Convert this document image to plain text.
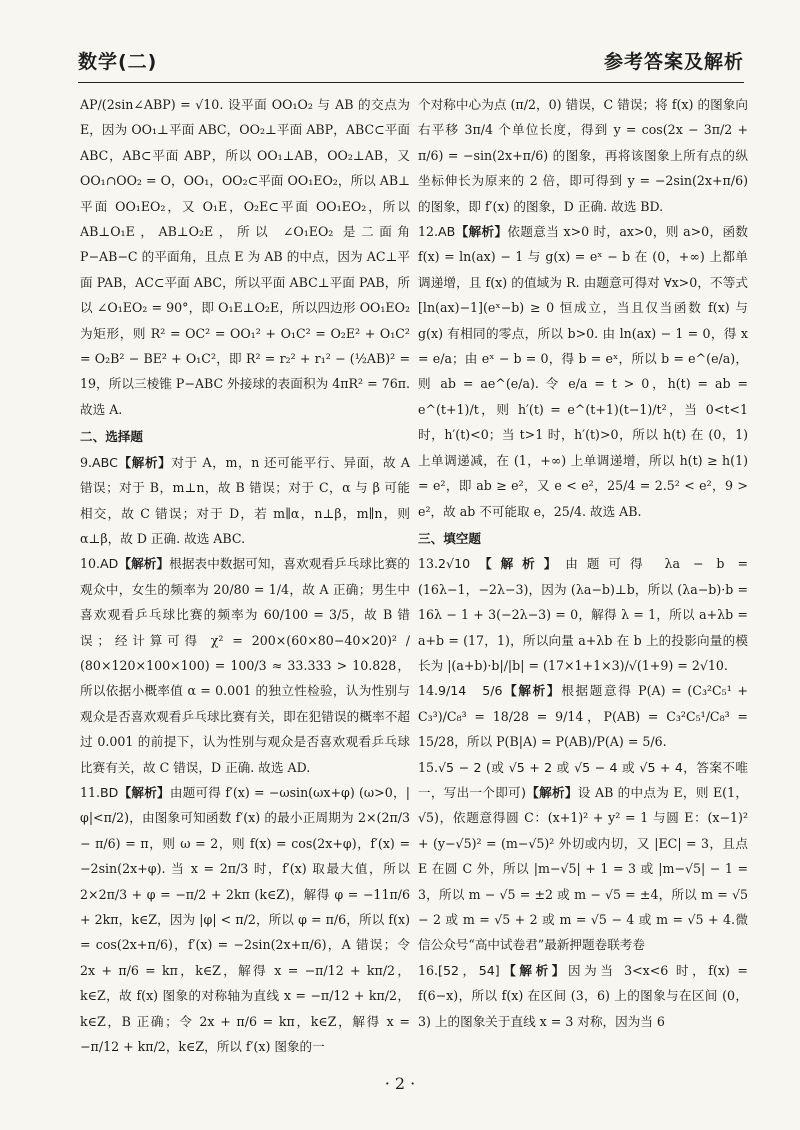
数学(二)	参考答案及解析

AP/(2sin∠ABP) = √10. 设平面 OO₁O₂ 与 AB 的交点为 E，因为 OO₁⊥平面 ABC，OO₂⊥平面 ABP，ABC⊂平面 ABC，AB⊂平面 ABP，所以 OO₁⊥AB，OO₂⊥AB，又 OO₁∩OO₂ = O，OO₁，OO₂⊂平面 OO₁EO₂，所以 AB⊥平面 OO₁EO₂，又 O₁E，O₂E⊂平面 OO₁EO₂，所以 AB⊥O₁E，AB⊥O₂E，所以 ∠O₁EO₂ 是二面角 P−AB−C 的平面角，且点 E 为 AB 的中点，因为 AC⊥平面 PAB，AC⊂平面 ABC，所以平面 ABC⊥平面 PAB，所以 ∠O₁EO₂ = 90°，即 O₁E⊥O₂E，所以四边形 OO₁EO₂ 为矩形，则 R² = OC² = OO₁² + O₁C² = O₂E² + O₁C² = O₂B² − BE² + O₁C²，即 R² = r₂² + r₁² − (½AB)² = 19，所以三棱锥 P−ABC 外接球的表面积为 4πR² = 76π. 故选 A.

二、选择题

9.ABC【解析】对于 A，m，n 还可能平行、异面，故 A 错误；对于 B，m⊥n，故 B 错误；对于 C，α 与 β 可能相交，故 C 错误；对于 D，若 m∥α，n⊥β，m∥n，则 α⊥β，故 D 正确. 故选 ABC.

10.AD【解析】根据表中数据可知，喜欢观看乒乓球比赛的观众中，女生的频率为 20/80 = 1/4，故 A 正确；男生中喜欢观看乒乓球比赛的频率为 60/100 = 3/5，故 B 错误；经计算可得 χ² = 200×(60×80−40×20)² / (80×120×100×100) = 100/3 ≈ 33.333 > 10.828，所以依据小概率值 α = 0.001 的独立性检验，认为性别与观众是否喜欢观看乒乓球比赛有关，即在犯错误的概率不超过 0.001 的前提下，认为性别与观众是否喜欢观看乒乓球比赛有关，故 C 错误，D 正确. 故选 AD.

11.BD【解析】由题可得 f′(x) = −ωsin(ωx+φ) (ω>0，|φ|<π/2)，由图象可知函数 f′(x) 的最小正周期为 2×(2π/3 − π/6) = π，则 ω = 2，则 f(x) = cos(2x+φ)，f′(x) = −2sin(2x+φ). 当 x = 2π/3 时，f′(x) 取最大值，所以 2×2π/3 + φ = −π/2 + 2kπ (k∈Z)，解得 φ = −11π/6 + 2kπ，k∈Z，因为 |φ| < π/2，所以 φ = π/6，所以 f(x) = cos(2x+π/6)，f′(x) = −2sin(2x+π/6)，A 错误；令 2x + π/6 = kπ，k∈Z，解得 x = −π/12 + kπ/2，k∈Z，故 f(x) 图象的对称轴为直线 x = −π/12 + kπ/2，k∈Z，B 正确；令 2x + π/6 = kπ，k∈Z，解得 x = −π/12 + kπ/2，k∈Z，所以 f′(x) 图象的一

个对称中心为点 (π/2，0) 错误，C 错误；将 f(x) 的图象向右平移 3π/4 个单位长度，得到 y = cos(2x − 3π/2 + π/6) = −sin(2x+π/6) 的图象，再将该图象上所有点的纵坐标伸长为原来的 2 倍，即可得到 y = −2sin(2x+π/6) 的图象，即 f′(x) 的图象，D 正确. 故选 BD.

12.AB【解析】依题意当 x>0 时，ax>0，则 a>0，函数 f(x) = ln(ax) − 1 与 g(x) = eˣ − b 在 (0，+∞) 上都单调递增，且 f(x) 的值域为 R. 由题意可得对 ∀x>0，不等式 [ln(ax)−1](eˣ−b) ≥ 0 恒成立，当且仅当函数 f(x) 与 g(x) 有相同的零点，所以 b>0. 由 ln(ax) − 1 = 0，得 x = e/a；由 eˣ − b = 0，得 b = eˣ，所以 b = e^(e/a)，则 ab = ae^(e/a). 令 e/a = t > 0，h(t) = ab = e^(t+1)/t，则 h′(t) = e^(t+1)(t−1)/t²，当 0<t<1 时，h′(t)<0；当 t>1 时，h′(t)>0，所以 h(t) 在 (0，1) 上单调递减，在 (1，+∞) 上单调递增，所以 h(t) ≥ h(1) = e²，即 ab ≥ e²，又 e < e²，25/4 = 2.5² < e²，9 > e²，故 ab 不可能取 e，25/4. 故选 AB.

三、填空题

13.2√10【解析】由题可得 λa − b = (16λ−1，−2λ−3)，因为 (λa−b)⊥b，所以 (λa−b)·b = 16λ − 1 + 3(−2λ−3) = 0，解得 λ = 1，所以 a+λb = a+b = (17，1)，所以向量 a+λb 在 b 上的投影向量的模长为 |(a+b)·b|/|b| = (17×1+1×3)/√(1+9) = 2√10.

14.9/14　5/6【解析】根据题意得 P(A) = (C₃²C₅¹ + C₃³)/C₈³ = 18/28 = 9/14，P(AB) = C₃²C₅¹/C₈³ = 15/28，所以 P(B|A) = P(AB)/P(A) = 5/6.

15.√5 − 2 (或 √5 + 2 或 √5 − 4 或 √5 + 4，答案不唯一，写出一个即可)【解析】设 AB 的中点为 E，则 E(1，√5)，依题意得圆 C：(x+1)² + y² = 1 与圆 E：(x−1)² + (y−√5)² = (m−√5)² 外切或内切，又 |EC| = 3，且点 E 在圆 C 外，所以 |m−√5| + 1 = 3 或 |m−√5| − 1 = 3，所以 m − √5 = ±2 或 m − √5 = ±4，所以 m = √5 − 2 或 m = √5 + 2 或 m = √5 − 4 或 m = √5 + 4.微信公众号“高中试卷君”最新押题卷联考卷

16.[52，54]【解析】因为当 3<x<6 时，f(x) = f(6−x)，所以 f(x) 在区间 (3，6) 上的图象与在区间 (0，3) 上的图象关于直线 x = 3 对称，因为当 6

· 2 ·
